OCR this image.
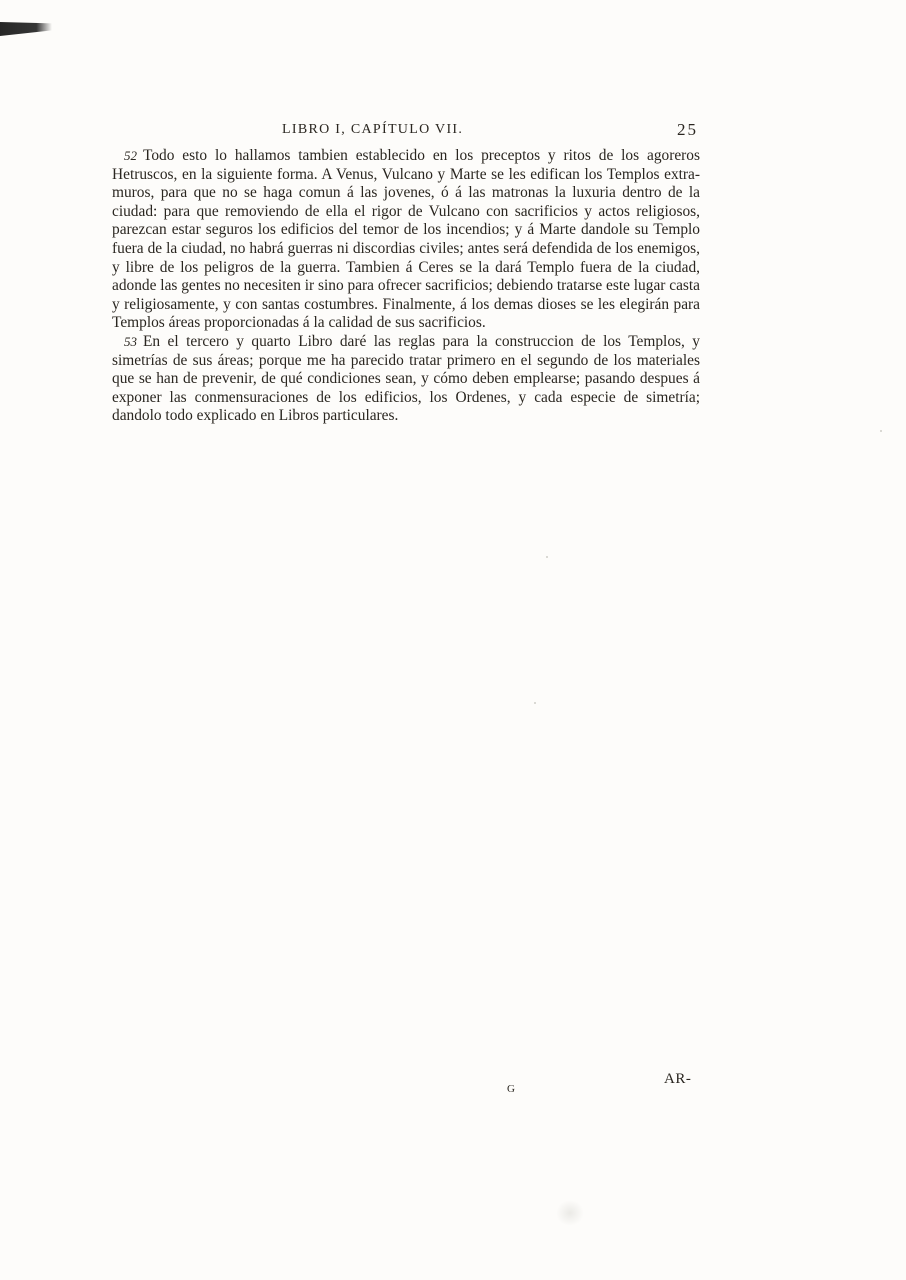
LIBRO I, CAPÍTULO VII.	25

52 Todo esto lo hallamos tambien establecido en los preceptos y ritos de los agoreros Hetruscos, en la siguiente forma. A Venus, Vulcano y Marte se les edifican los Templos extra-muros, para que no se haga comun á las jovenes, ó á las matronas la luxuria dentro de la ciudad: para que removiendo de ella el rigor de Vulcano con sacrificios y actos religiosos, parezcan estar seguros los edificios del temor de los incendios; y á Marte dandole su Templo fuera de la ciudad, no habrá guerras ni discordias civiles; antes será defendida de los enemigos, y libre de los peligros de la guerra. Tambien á Ceres se la dará Templo fuera de la ciudad, adonde las gentes no necesiten ir sino para ofrecer sacrificios; debiendo tratarse este lugar casta y religiosamente, y con santas costumbres. Finalmente, á los demas dioses se les elegirán para Templos áreas proporcionadas á la calidad de sus sacrificios.

53 En el tercero y quarto Libro daré las reglas para la construccion de los Templos, y simetrías de sus áreas; porque me ha parecido tratar primero en el segundo de los materiales que se han de prevenir, de qué condiciones sean, y cómo deben emplearse; pasando despues á exponer las conmensuraciones de los edificios, los Ordenes, y cada especie de simetría; dandolo todo explicado en Libros particulares.

G
AR-
